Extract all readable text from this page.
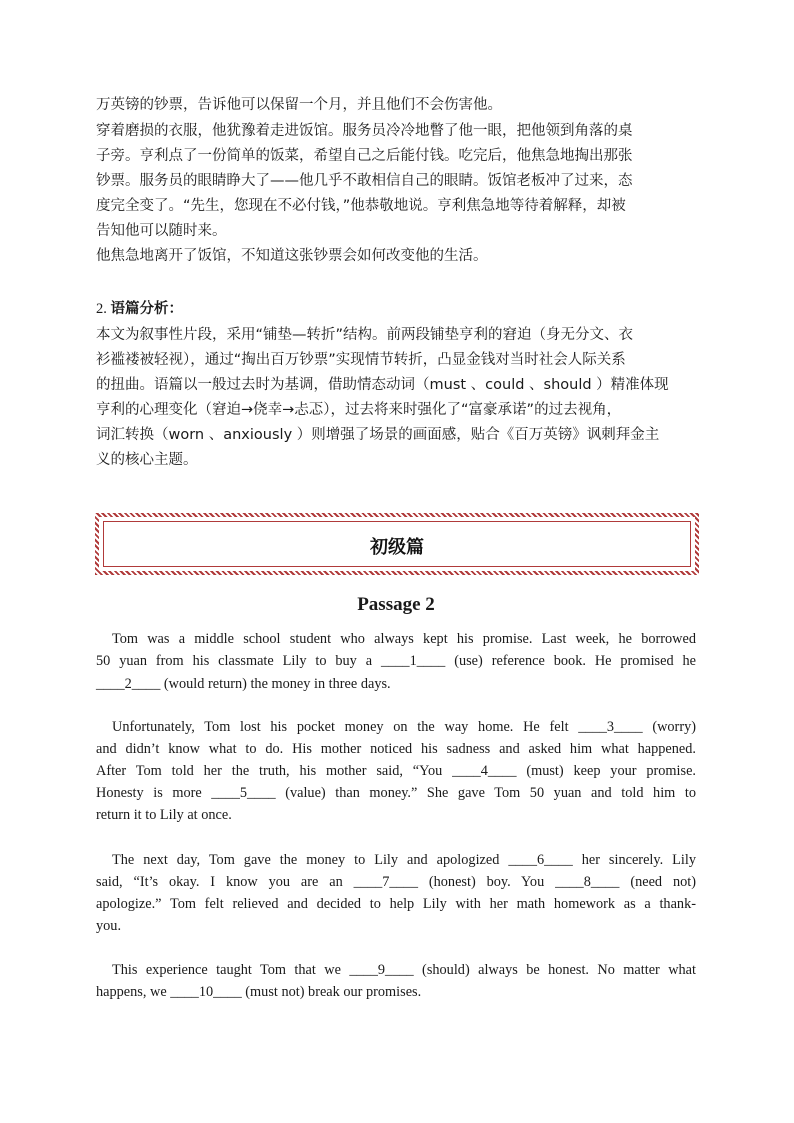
万英镑的钞票，告诉他可以保留一个月，并且他们不会伤害他。
穿着磨损的衣服，他犹豫着走进饭馆。服务员冷冷地瞥了他一眼，把他领到角落的桌
子旁。亨利点了一份简单的饭菜，希望自己之后能付钱。吃完后，他焦急地掏出那张
钞票。服务员的眼睛睁大了——他几乎不敢相信自己的眼睛。饭馆老板冲了过来，态
度完全变了。“先生，您现在不必付钱，”他恭敬地说。亨利焦急地等待着解释，却被
告知他可以随时来。
他焦急地离开了饭馆，不知道这张钞票会如何改变他的生活。
2. 语篇分析：
本文为叙事性片段，采用“铺垫—转折”结构。前两段铺垫亨利的窘迫（身无分文、衣
衫褴褛被轻视），通过“掏出百万钞票”实现情节转折，凸显金钱对当时社会人际关系
的扭曲。语篇以一般过去时为基调，借助情态动词（must 、could 、should ）精准体现
亨利的心理变化（窘迫→侥幸→忐忑），过去将来时强化了“富豪承诺”的过去视角，
词汇转换（worn 、anxiously ）则增强了场景的画面感，贴合《百万英镑》讽刺拜金主
义的核心主题。
初级篇
Passage 2
Tom was a middle school student who always kept his promise. Last week, he borrowed
50 yuan from his classmate Lily to buy a ____1____ (use) reference book. He promised he
____2____ (would return) the money in three days.
Unfortunately, Tom lost his pocket money on the way home. He felt ____3____ (worry)
and didn’t know what to do. His mother noticed his sadness and asked him what happened.
After Tom told her the truth, his mother said, “You ____4____ (must) keep your promise.
Honesty is more ____5____ (value) than money.” She gave Tom 50 yuan and told him to
return it to Lily at once.
The next day, Tom gave the money to Lily and apologized ____6____ her sincerely. Lily
said, “It’s okay. I know you are an ____7____ (honest) boy. You ____8____ (need not)
apologize.” Tom felt relieved and decided to help Lily with her math homework as a thank-
you.
This experience taught Tom that we ____9____ (should) always be honest. No matter what
happens, we ____10____ (must not) break our promises.
